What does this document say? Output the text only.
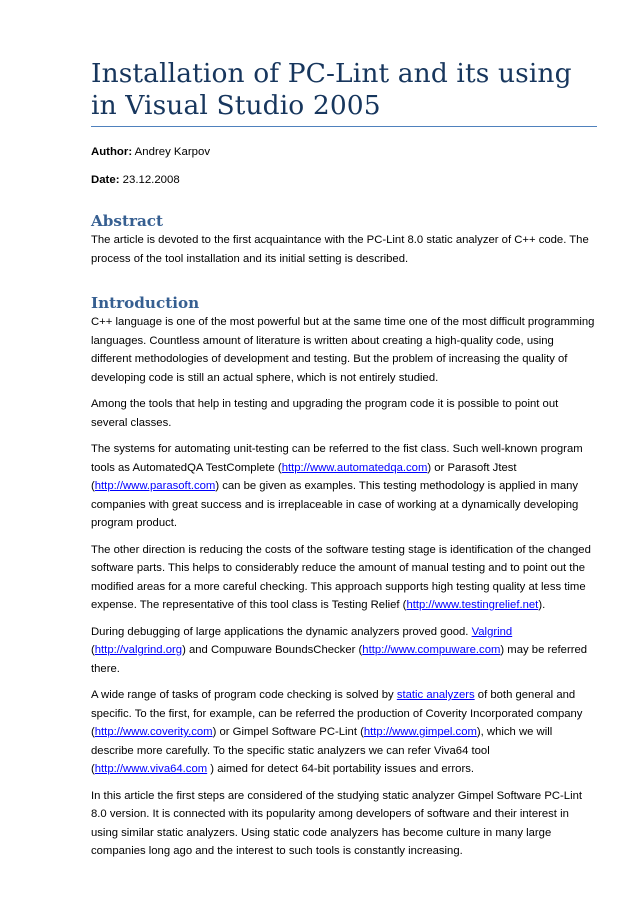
Installation of PC-Lint and its using in Visual Studio 2005

Author: Andrey Karpov

Date: 23.12.2008

Abstract

The article is devoted to the first acquaintance with the PC-Lint 8.0 static analyzer of C++ code. The process of the tool installation and its initial setting is described.

Introduction

C++ language is one of the most powerful but at the same time one of the most difficult programming languages. Countless amount of literature is written about creating a high-quality code, using different methodologies of development and testing. But the problem of increasing the quality of developing code is still an actual sphere, which is not entirely studied.

Among the tools that help in testing and upgrading the program code it is possible to point out several classes.

The systems for automating unit-testing can be referred to the fist class. Such well-known program tools as AutomatedQA TestComplete (http://www.automatedqa.com) or Parasoft Jtest (http://www.parasoft.com) can be given as examples. This testing methodology is applied in many companies with great success and is irreplaceable in case of working at a dynamically developing program product.

The other direction is reducing the costs of the software testing stage is identification of the changed software parts. This helps to considerably reduce the amount of manual testing and to point out the modified areas for a more careful checking. This approach supports high testing quality at less time expense. The representative of this tool class is Testing Relief (http://www.testingrelief.net).

During debugging of large applications the dynamic analyzers proved good. Valgrind
(http://valgrind.org) and Compuware BoundsChecker (http://www.compuware.com) may be referred there.

A wide range of tasks of program code checking is solved by static analyzers of both general and specific. To the first, for example, can be referred the production of Coverity Incorporated company (http://www.coverity.com) or Gimpel Software PC-Lint (http://www.gimpel.com), which we will describe more carefully. To the specific static analyzers we can refer Viva64 tool (http://www.viva64.com ) aimed for detect 64-bit portability issues and errors.

In this article the first steps are considered of the studying static analyzer Gimpel Software PC-Lint 8.0 version. It is connected with its popularity among developers of software and their interest in using similar static analyzers. Using static code analyzers has become culture in many large companies long ago and the interest to such tools is constantly increasing.
